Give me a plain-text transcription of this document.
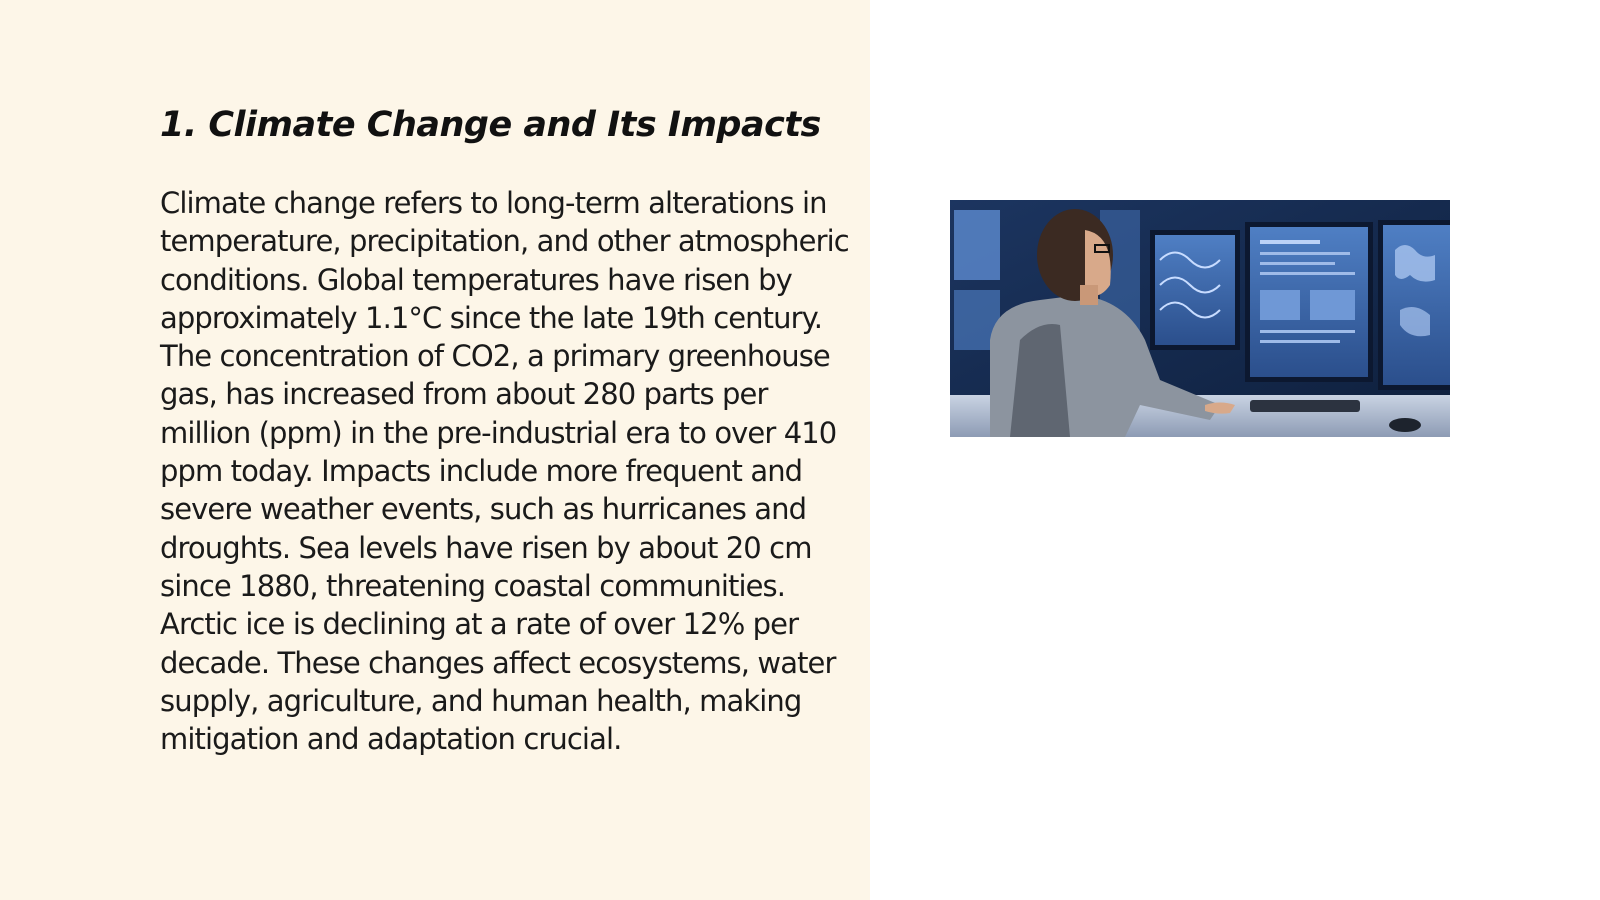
1. Climate Change and Its Impacts

Climate change refers to long-term alterations in temperature, precipitation, and other atmospheric conditions. Global temperatures have risen by approximately 1.1°C since the late 19th century. The concentration of CO2, a primary greenhouse gas, has increased from about 280 parts per million (ppm) in the pre-industrial era to over 410 ppm today. Impacts include more frequent and severe weather events, such as hurricanes and droughts. Sea levels have risen by about 20 cm since 1880, threatening coastal communities. Arctic ice is declining at a rate of over 12% per decade. These changes affect ecosystems, water supply, agriculture, and human health, making mitigation and adaptation crucial.
